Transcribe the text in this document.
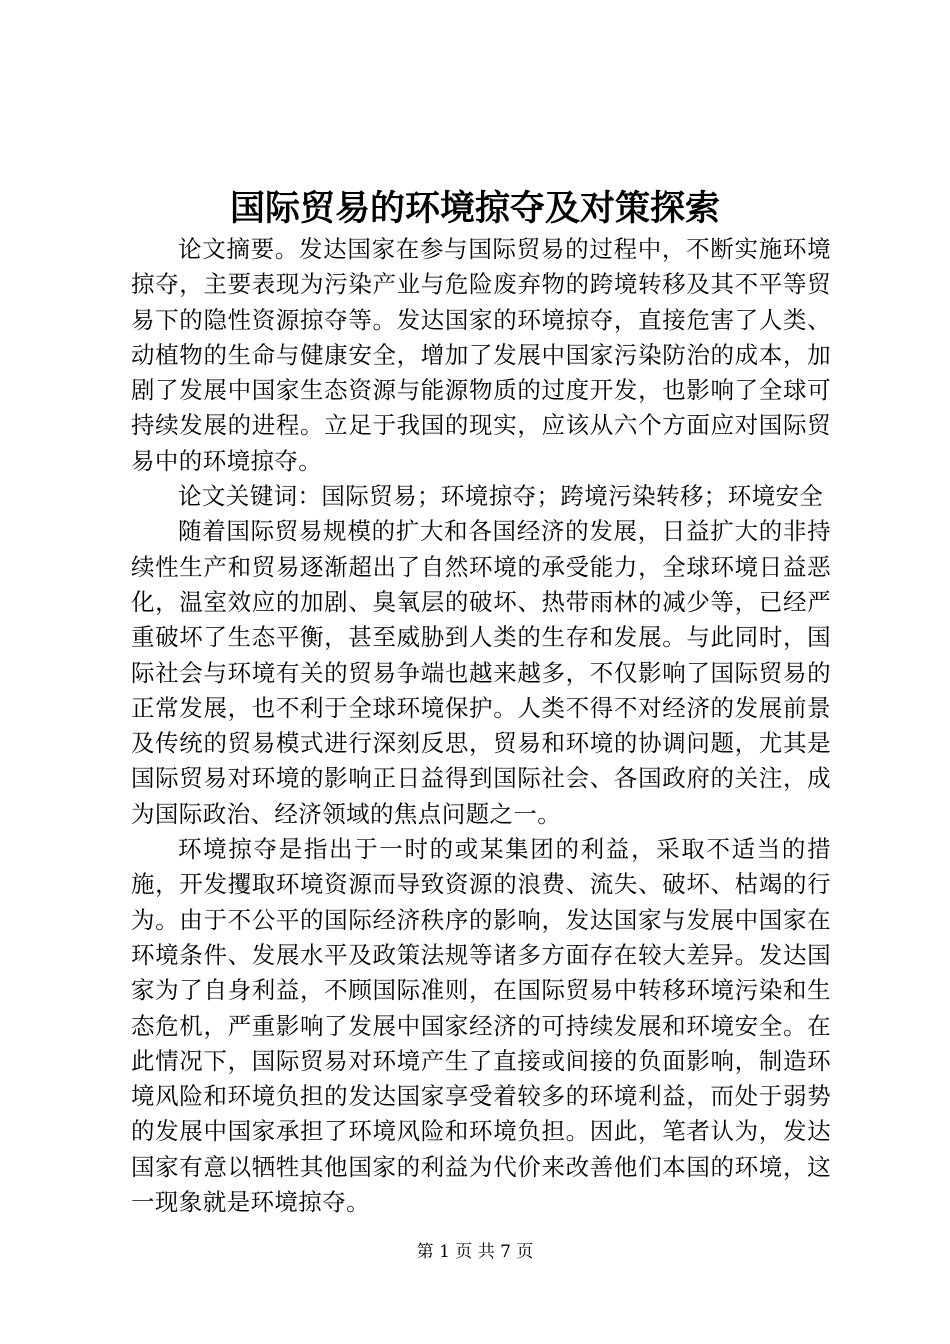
国际贸易的环境掠夺及对策探索

论文摘要。发达国家在参与国际贸易的过程中，不断实施环境掠夺，主要表现为污染产业与危险废弃物的跨境转移及其不平等贸易下的隐性资源掠夺等。发达国家的环境掠夺，直接危害了人类、动植物的生命与健康安全，增加了发展中国家污染防治的成本，加剧了发展中国家生态资源与能源物质的过度开发，也影响了全球可持续发展的进程。立足于我国的现实，应该从六个方面应对国际贸易中的环境掠夺。

论文关键词：国际贸易；环境掠夺；跨境污染转移；环境安全

随着国际贸易规模的扩大和各国经济的发展，日益扩大的非持续性生产和贸易逐渐超出了自然环境的承受能力，全球环境日益恶化，温室效应的加剧、臭氧层的破坏、热带雨林的减少等，已经严重破坏了生态平衡，甚至威胁到人类的生存和发展。与此同时，国际社会与环境有关的贸易争端也越来越多，不仅影响了国际贸易的正常发展，也不利于全球环境保护。人类不得不对经济的发展前景及传统的贸易模式进行深刻反思，贸易和环境的协调问题，尤其是国际贸易对环境的影响正日益得到国际社会、各国政府的关注，成为国际政治、经济领域的焦点问题之一。

环境掠夺是指出于一时的或某集团的利益，采取不适当的措施，开发攫取环境资源而导致资源的浪费、流失、破坏、枯竭的行为。由于不公平的国际经济秩序的影响，发达国家与发展中国家在环境条件、发展水平及政策法规等诸多方面存在较大差异。发达国家为了自身利益，不顾国际准则，在国际贸易中转移环境污染和生态危机，严重影响了发展中国家经济的可持续发展和环境安全。在此情况下，国际贸易对环境产生了直接或间接的负面影响，制造环境风险和环境负担的发达国家享受着较多的环境利益，而处于弱势的发展中国家承担了环境风险和环境负担。因此，笔者认为，发达国家有意以牺牲其他国家的利益为代价来改善他们本国的环境，这一现象就是环境掠夺。

第 1 页 共 7 页
